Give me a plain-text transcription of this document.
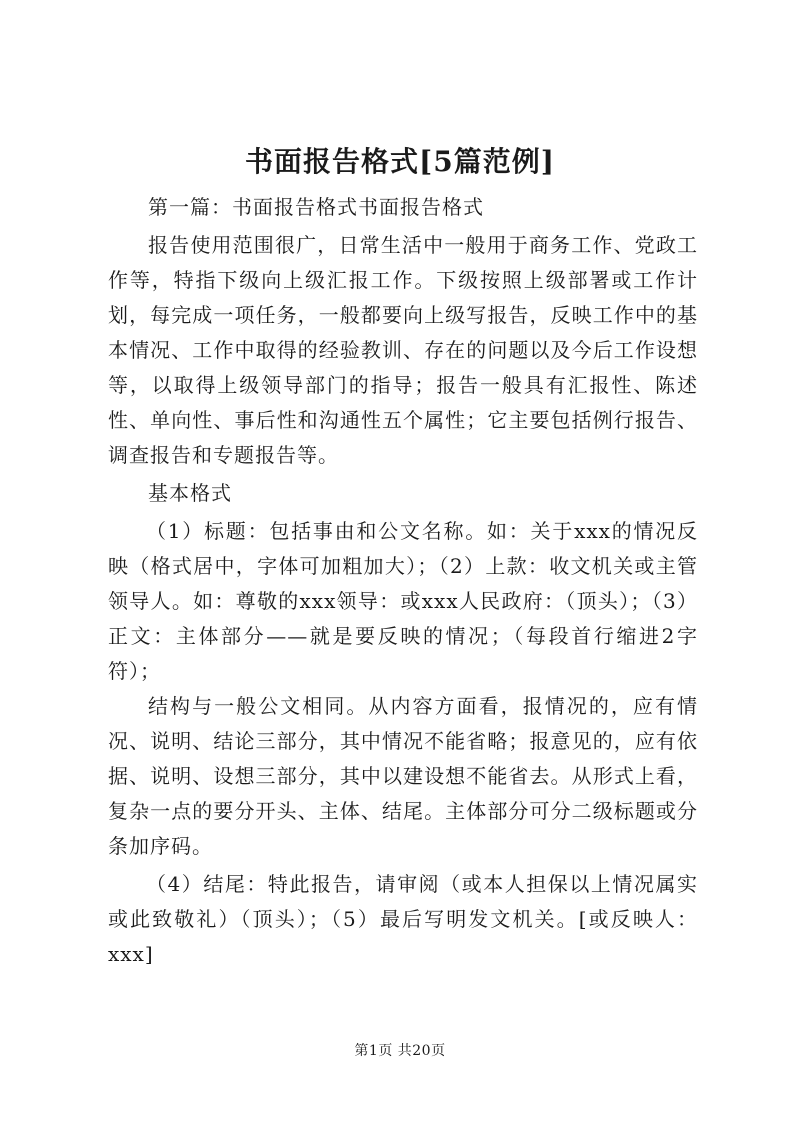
书面报告格式[5篇范例]

第一篇：书面报告格式书面报告格式

报告使用范围很广，日常生活中一般用于商务工作、党政工作等，特指下级向上级汇报工作。下级按照上级部署或工作计划，每完成一项任务，一般都要向上级写报告，反映工作中的基本情况、工作中取得的经验教训、存在的问题以及今后工作设想等，以取得上级领导部门的指导；报告一般具有汇报性、陈述性、单向性、事后性和沟通性五个属性；它主要包括例行报告、调查报告和专题报告等。

基本格式

（1）标题：包括事由和公文名称。如：关于xxx的情况反映（格式居中，字体可加粗加大）；（2）上款：收文机关或主管领导人。如：尊敬的xxx领导：或xxx人民政府：（顶头）；（3）正文：主体部分——就是要反映的情况；（每段首行缩进2字符）；

结构与一般公文相同。从内容方面看，报情况的，应有情况、说明、结论三部分，其中情况不能省略；报意见的，应有依据、说明、设想三部分，其中以建设想不能省去。从形式上看，复杂一点的要分开头、主体、结尾。主体部分可分二级标题或分条加序码。

（4）结尾：特此报告，请审阅（或本人担保以上情况属实或此致敬礼）（顶头）；（5）最后写明发文机关。[或反映人：xxx]

第1页 共20页
